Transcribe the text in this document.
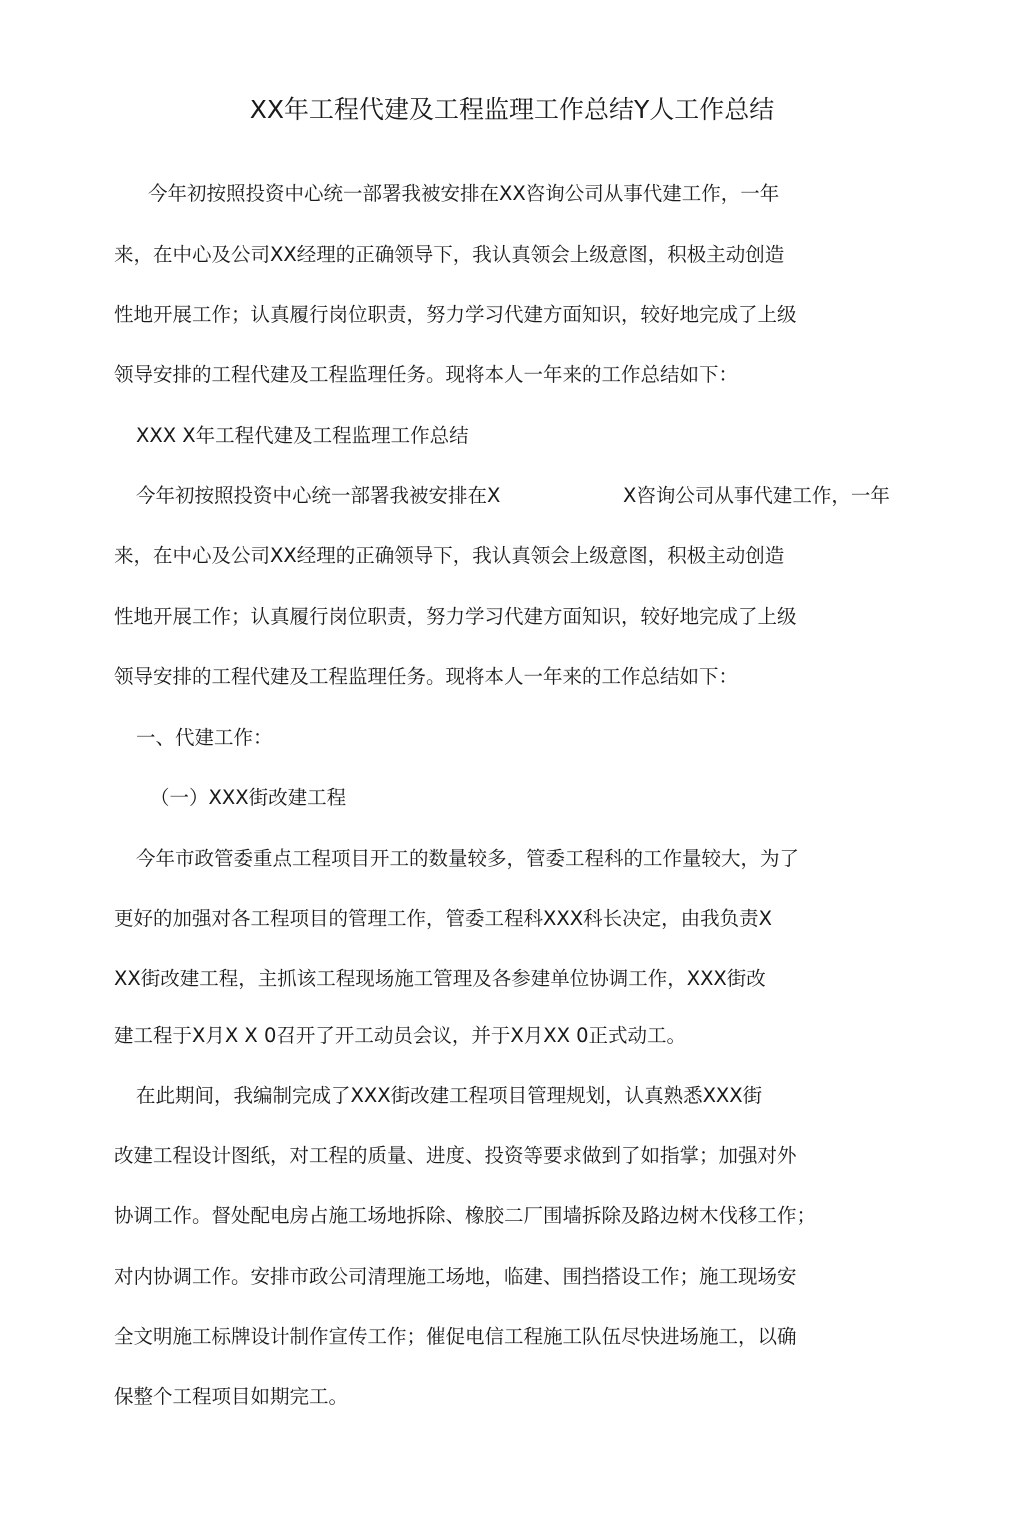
XX年工程代建及工程监理工作总结Y人工作总结
今年初按照投资中心统一部署我被安排在XX咨询公司从事代建工作，一年
来，在中心及公司XX经理的正确领导下，我认真领会上级意图，积极主动创造
性地开展工作；认真履行岗位职责，努力学习代建方面知识，较好地完成了上级
领导安排的工程代建及工程监理任务。现将本人一年来的工作总结如下：
XXX X年工程代建及工程监理工作总结
今年初按照投资中心统一部署我被安排在X	X咨询公司从事代建工作，一年
来，在中心及公司XX经理的正确领导下，我认真领会上级意图，积极主动创造
性地开展工作；认真履行岗位职责，努力学习代建方面知识，较好地完成了上级
领导安排的工程代建及工程监理任务。现将本人一年来的工作总结如下：
一、代建工作：
（一）XXX街改建工程
今年市政管委重点工程项目开工的数量较多，管委工程科的工作量较大，为了
更好的加强对各工程项目的管理工作，管委工程科XXX科长决定，由我负责X
XX街改建工程，主抓该工程现场施工管理及各参建单位协调工作，XXX街改
建工程于X月X X 0召开了开工动员会议，并于X月XX 0正式动工。
在此期间，我编制完成了XXX街改建工程项目管理规划，认真熟悉XXX街
改建工程设计图纸，对工程的质量、进度、投资等要求做到了如指掌；加强对外
协调工作。督处配电房占施工场地拆除、橡胶二厂围墙拆除及路边树木伐移工作；
对内协调工作。安排市政公司清理施工场地，临建、围挡搭设工作；施工现场安
全文明施工标牌设计制作宣传工作；催促电信工程施工队伍尽快进场施工，以确
保整个工程项目如期完工。
